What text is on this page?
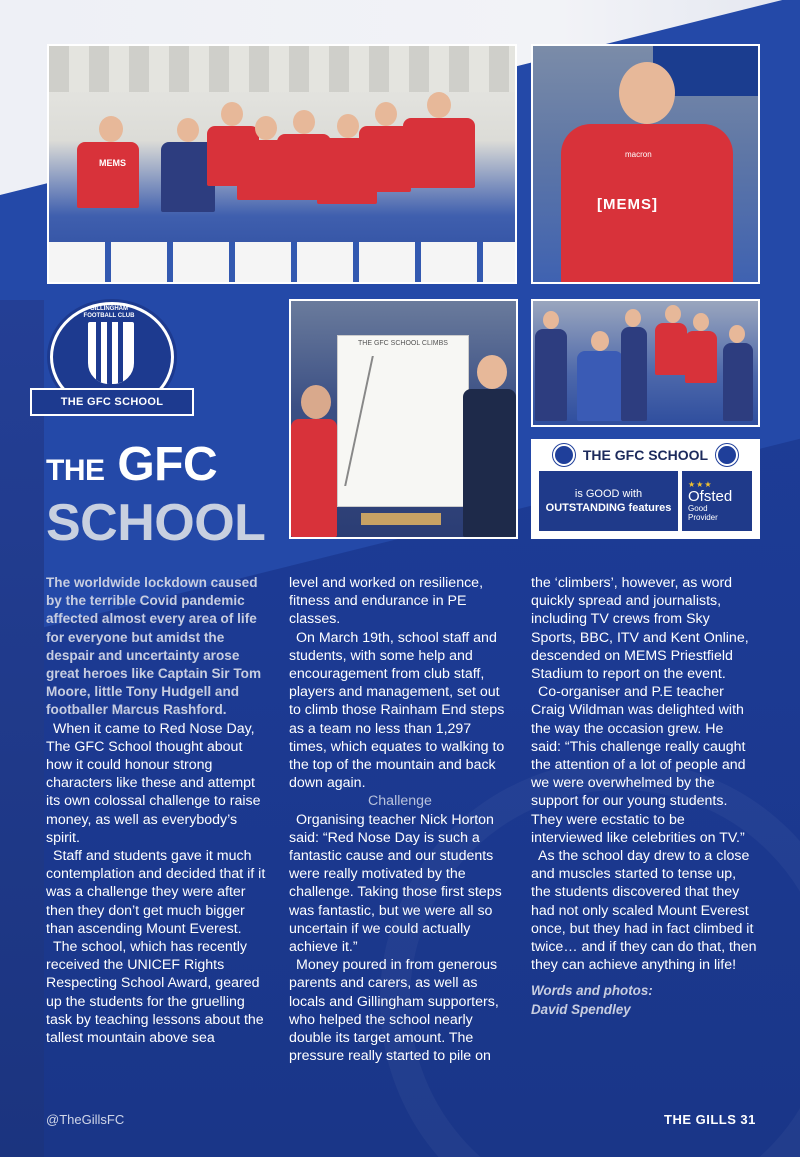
MEMS
macron
[MEMS]
GILLINGHAM FOOTBALL CLUB
THE GFC SCHOOL
THE GFC SCHOOL CLIMBS
THE GFC SCHOOL
is GOOD with
OUTSTANDING features
★★★
Ofsted
Good
Provider
THE GFC
SCHOOL

The worldwide lockdown caused by the terrible Covid pandemic affected almost every area of life for everyone but amidst the despair and uncertainty arose great heroes like Captain Sir Tom Moore, little Tony Hudgell and footballer Marcus Rashford.

When it came to Red Nose Day, The GFC School thought about how it could honour strong characters like these and attempt its own colossal challenge to raise money, as well as everybody’s spirit.

Staff and students gave it much contemplation and decided that if it was a challenge they were after then they don’t get much bigger than ascending Mount Everest.

The school, which has recently received the UNICEF Rights Respecting School Award, geared up the students for the gruelling task by teaching lessons about the tallest mountain above sea

level and worked on resilience, fitness and endurance in PE classes.

On March 19th, school staff and students, with some help and encouragement from club staff, players and management, set out to climb those Rainham End steps as a team no less than 1,297 times, which equates to walking to the top of the mountain and back down again.

Challenge

Organising teacher Nick Horton said: “Red Nose Day is such a fantastic cause and our students were really motivated by the challenge. Taking those first steps was fantastic, but we were all so uncertain if we could actually achieve it.”

Money poured in from generous parents and carers, as well as locals and Gillingham supporters, who helped the school nearly double its target amount. The pressure really started to pile on

the ‘climbers’, however, as word quickly spread and journalists, including TV crews from Sky Sports, BBC, ITV and Kent Online, descended on MEMS Priestfield Stadium to report on the event.

Co-organiser and P.E teacher Craig Wildman was delighted with the way the occasion grew. He said: “This challenge really caught the attention of a lot of people and we were overwhelmed by the support for our young students. They were ecstatic to be interviewed like celebrities on TV.”

As the school day drew to a close and muscles started to tense up, the students discovered that they had not only scaled Mount Everest once, but they had in fact climbed it twice… and if they can do that, then they can achieve anything in life!

Words and photos:
David Spendley

@TheGillsFC	THE GILLS 31
